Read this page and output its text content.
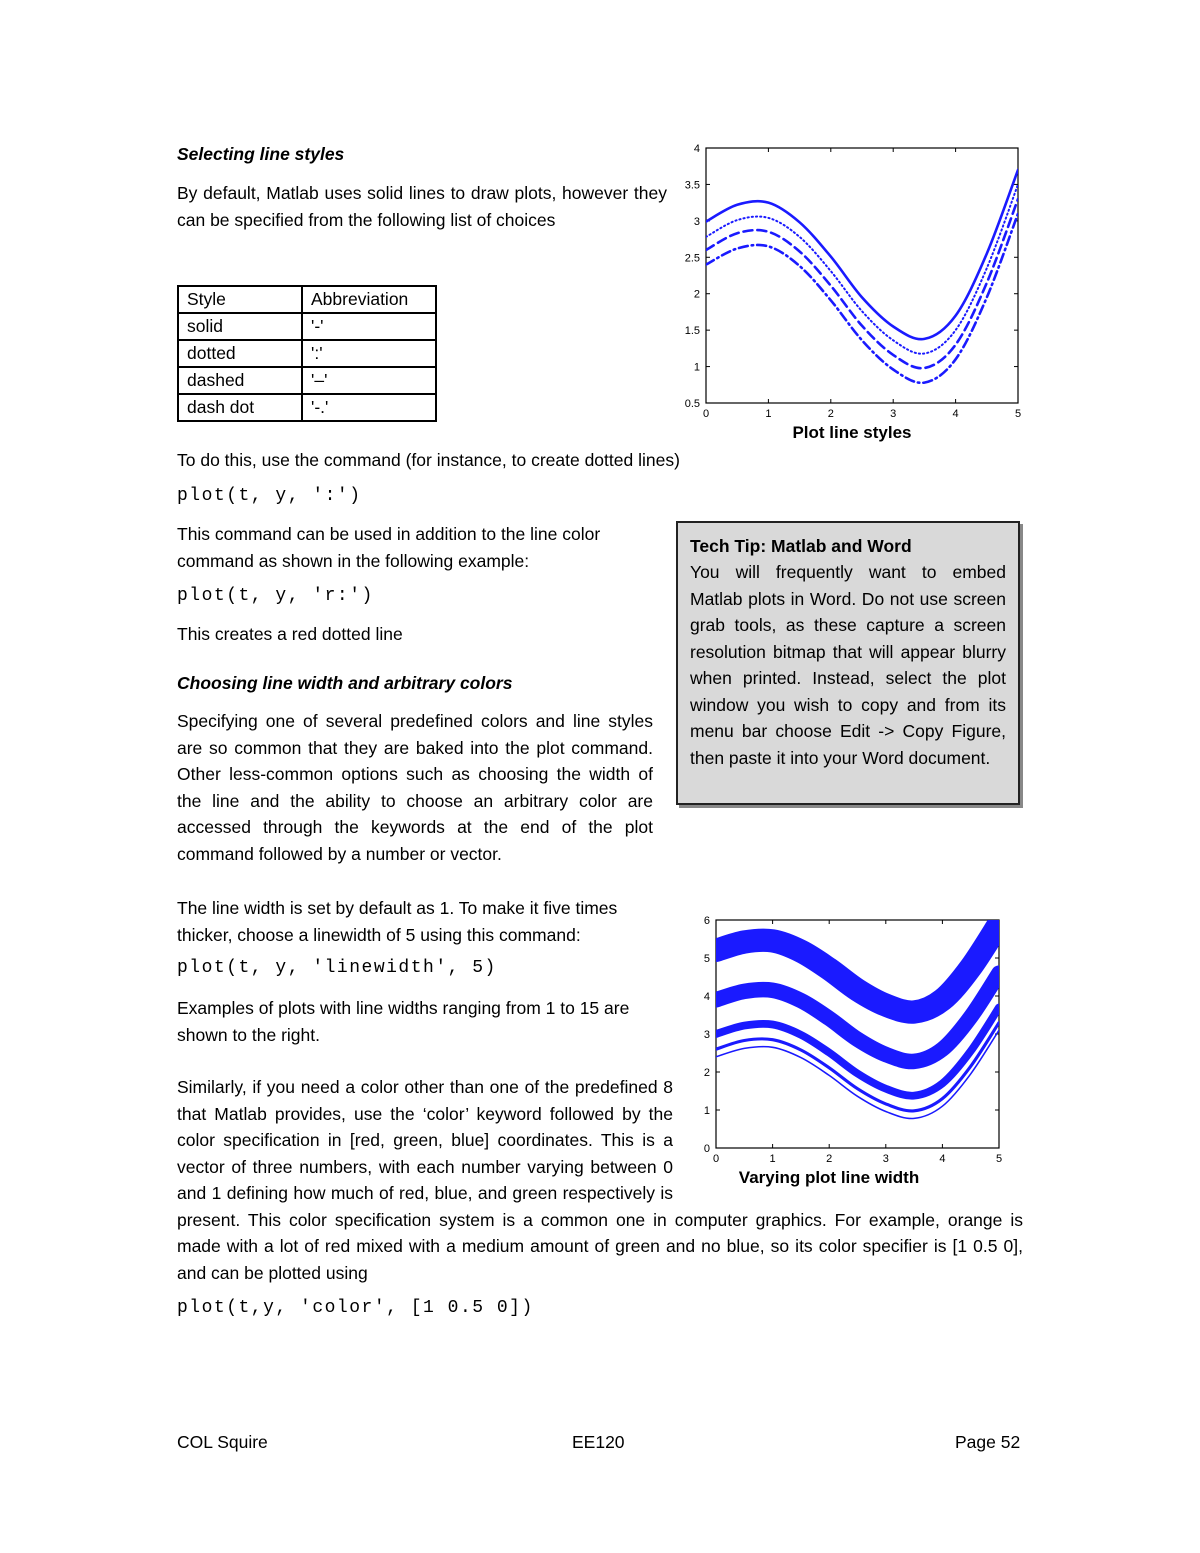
Selecting line styles

By default, Matlab uses solid lines to draw plots, however they can be specified from the following list of choices

Style	Abbreviation
solid	'-'
dotted	':'
dashed	'–'
dash dot	'-.'

To do this, use the command (for instance, to create dotted lines)

plot(t, y, ':')

This command can be used in addition to the line color command as shown in the following example:

plot(t, y, 'r:')

This creates a red dotted line

Choosing line width and arbitrary colors
Specifying one of several predefined colors and line styles are so common that they are baked into the plot command. Other less-common options such as choosing the width of the line and the ability to choose an arbitrary color are accessed through the keywords at the end of the plot command followed by a number or vector.
Tech Tip: Matlab and Word
You will frequently want to embed Matlab plots in Word. Do not use screen grab tools, as these capture a screen resolution bitmap that will appear blurry when printed. Instead, select the plot window you wish to copy and from its menu bar choose Edit -> Copy Figure, then paste it into your Word document.

The line width is set by default as 1. To make it five times thicker, choose a linewidth of 5 using this command:

plot(t, y, 'linewidth', 5)

Examples of plots with line widths ranging from 1 to 15 are shown to the right.

Similarly, if you need a color other than one of the predefined 8 that Matlab provides, use the ‘color’ keyword followed by the color specification in [red, green, blue] coordinates. This is a vector of three numbers, with each number varying between 0 and 1 defining how much of red, blue, and green respectively is present. This color specification system is a common one in computer graphics. For example, orange is made with a lot of red mixed with a medium amount of green and no blue, so its color specifier is [1 0.5 0], and can be plotted using
plot(t,y, 'color', [1 0.5 0])
0	1	2	3	4	5
0.5
1
1.5
2
2.5
3
3.5
4
Plot line styles
0	1	2	3	4	5
0
1
2
3
4
5
6
Varying plot line width
COL Squire	EE120	Page 52
